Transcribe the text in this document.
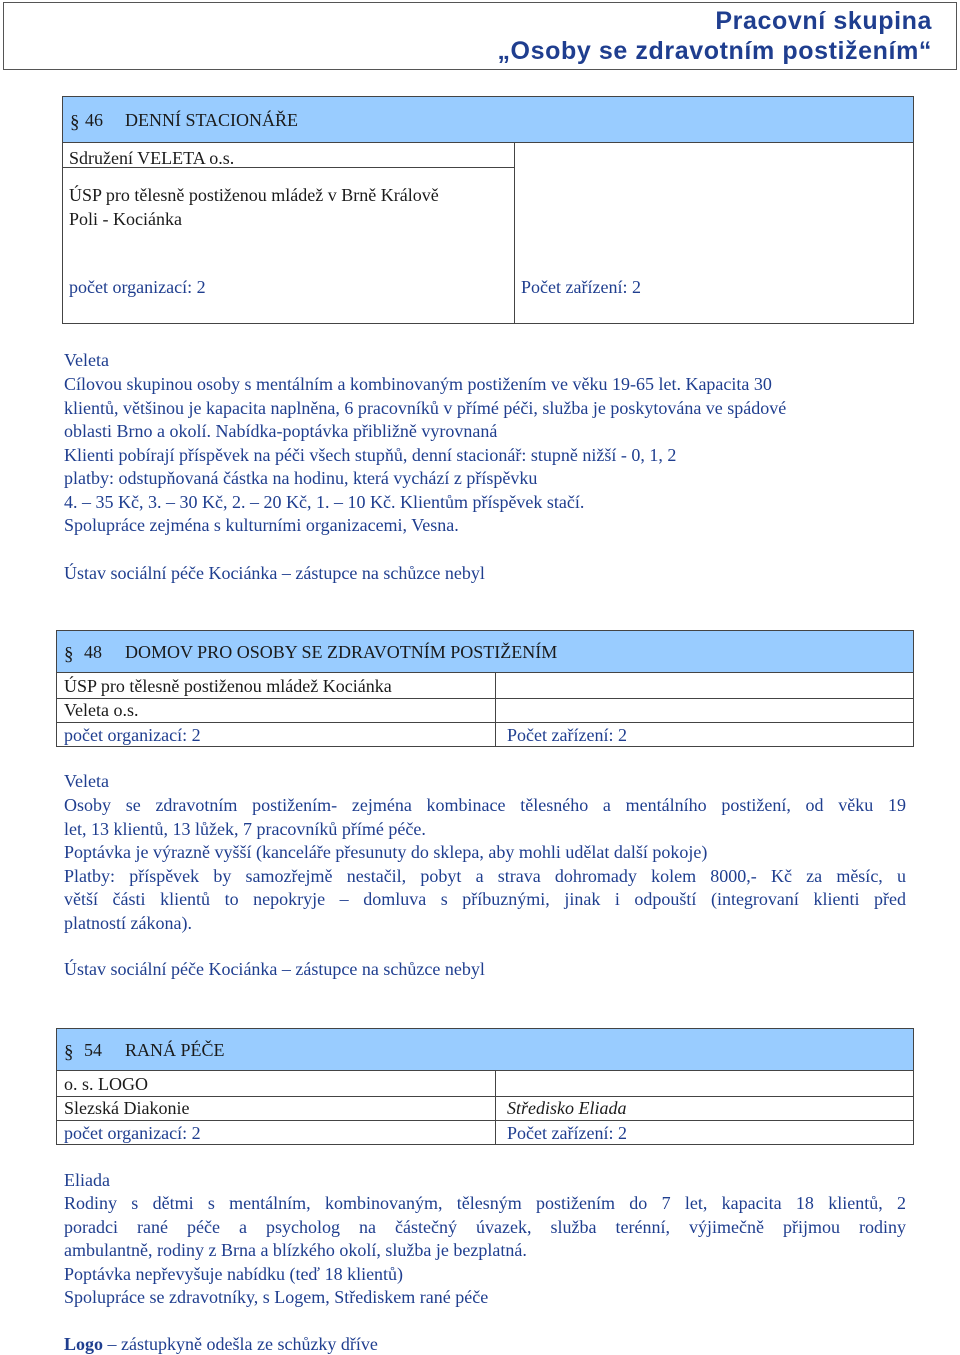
Pracovní skupina
„Osoby se zdravotním postižením“
§ 46 DENNÍ STACIONÁŘE
Sdružení VELETA o.s.
ÚSP pro tělesně postiženou mládež v Brně Králově
Poli - Kociánka
počet organizací: 2	Počet zařízení: 2
Veleta
Cílovou skupinou osoby s mentálním a kombinovaným postižením ve věku 19-65 let. Kapacita 30
klientů, většinou je kapacita naplněna, 6 pracovníků v přímé péči, služba je poskytována ve spádové
oblasti Brno a okolí. Nabídka-poptávka přibližně vyrovnaná
Klienti pobírají příspěvek na péči všech stupňů, denní stacionář: stupně nižší - 0, 1, 2
platby: odstupňovaná částka na hodinu, která vychází z příspěvku
4. – 35 Kč, 3. – 30 Kč, 2. – 20 Kč, 1. – 10 Kč. Klientům příspěvek stačí.
Spolupráce zejména s kulturními organizacemi, Vesna.
Ústav sociální péče Kociánka – zástupce na schůzce nebyl
§ 48 DOMOV PRO OSOBY SE ZDRAVOTNÍM POSTIŽENÍM
ÚSP pro tělesně postiženou mládež Kociánka
Veleta o.s.
počet organizací: 2	Počet zařízení: 2
Veleta
Osoby se zdravotním postižením- zejména kombinace tělesného a mentálního postižení, od věku 19
let, 13 klientů, 13 lůžek, 7 pracovníků přímé péče.
Poptávka je výrazně vyšší (kanceláře přesunuty do sklepa, aby mohli udělat další pokoje)
Platby: příspěvek by samozřejmě nestačil, pobyt a strava dohromady kolem 8000,- Kč za měsíc, u
větší části klientů to nepokryje – domluva s příbuznými, jinak i odpouští (integrovaní klienti před
platností zákona).
Ústav sociální péče Kociánka – zástupce na schůzce nebyl
§ 54 RANÁ PÉČE
o. s. LOGO
Slezská Diakonie	Středisko Eliada
počet organizací: 2	Počet zařízení: 2
Eliada
Rodiny s dětmi s mentálním, kombinovaným, tělesným postižením do 7 let, kapacita 18 klientů, 2
poradci rané péče a psycholog na částečný úvazek, služba terénní, výjimečně přijmou rodiny
ambulantně, rodiny z Brna a blízkého okolí, služba je bezplatná.
Poptávka nepřevyšuje nabídku (teď 18 klientů)
Spolupráce se zdravotníky, s Logem, Střediskem rané péče
Logo – zástupkyně odešla ze schůzky dříve
